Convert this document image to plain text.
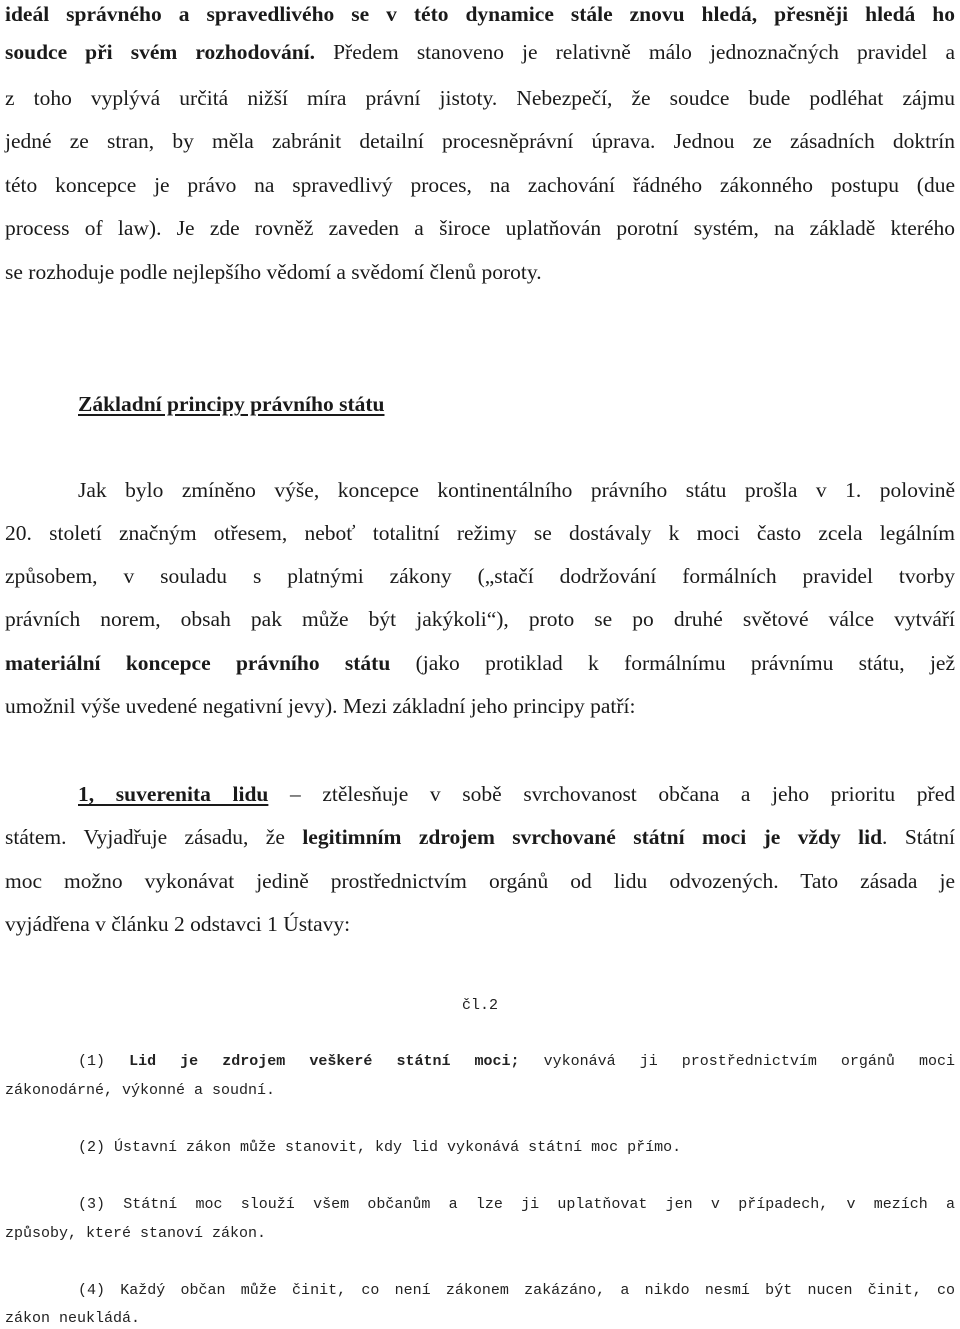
ideál správného a spravedlivého se v této dynamice stále znovu hledá, přesněji hledá ho
soudce při svém rozhodování. Předem stanoveno je relativně málo jednoznačných pravidel a
z toho vyplývá určitá nižší míra právní jistoty. Nebezpečí, že soudce bude podléhat zájmu
jedné ze stran, by měla zabránit detailní procesněprávní úprava. Jednou ze zásadních doktrín
této koncepce je právo na spravedlivý proces, na zachování řádného zákonného postupu (due
process of law). Je zde rovněž zaveden a široce uplatňován porotní systém, na základě kterého
se rozhoduje podle nejlepšího vědomí a svědomí členů poroty.
Základní principy právního státu
Jak bylo zmíněno výše, koncepce kontinentálního právního státu prošla v 1. polovině
20. století značným otřesem, neboť totalitní režimy se dostávaly k moci často zcela legálním
způsobem, v souladu s platnými zákony („stačí dodržování formálních pravidel tvorby
právních norem, obsah pak může být jakýkoli“), proto se po druhé světové válce vytváří
materiální koncepce právního státu (jako protiklad k formálnímu právnímu státu, jež
umožnil výše uvedené negativní jevy). Mezi základní jeho principy patří:
1, suverenita lidu – ztělesňuje v sobě svrchovanost občana a jeho prioritu před
státem. Vyjadřuje zásadu, že legitimním zdrojem svrchované státní moci je vždy lid. Státní
moc možno vykonávat jedině prostřednictvím orgánů od lidu odvozených. Tato zásada je
vyjádřena v článku 2 odstavci 1 Ústavy:
čl.2
(1) Lid je zdrojem veškeré státní moci; vykonává ji prostřednictvím orgánů moci
zákonodárné, výkonné a soudní.
(2) Ústavní zákon může stanovit, kdy lid vykonává státní moc přímo.
(3) Státní moc slouží všem občanům a lze ji uplatňovat jen v případech, v mezích a
způsoby, které stanoví zákon.
(4) Každý občan může činit, co není zákonem zakázáno, a nikdo nesmí být nucen činit, co
zákon neukládá.
